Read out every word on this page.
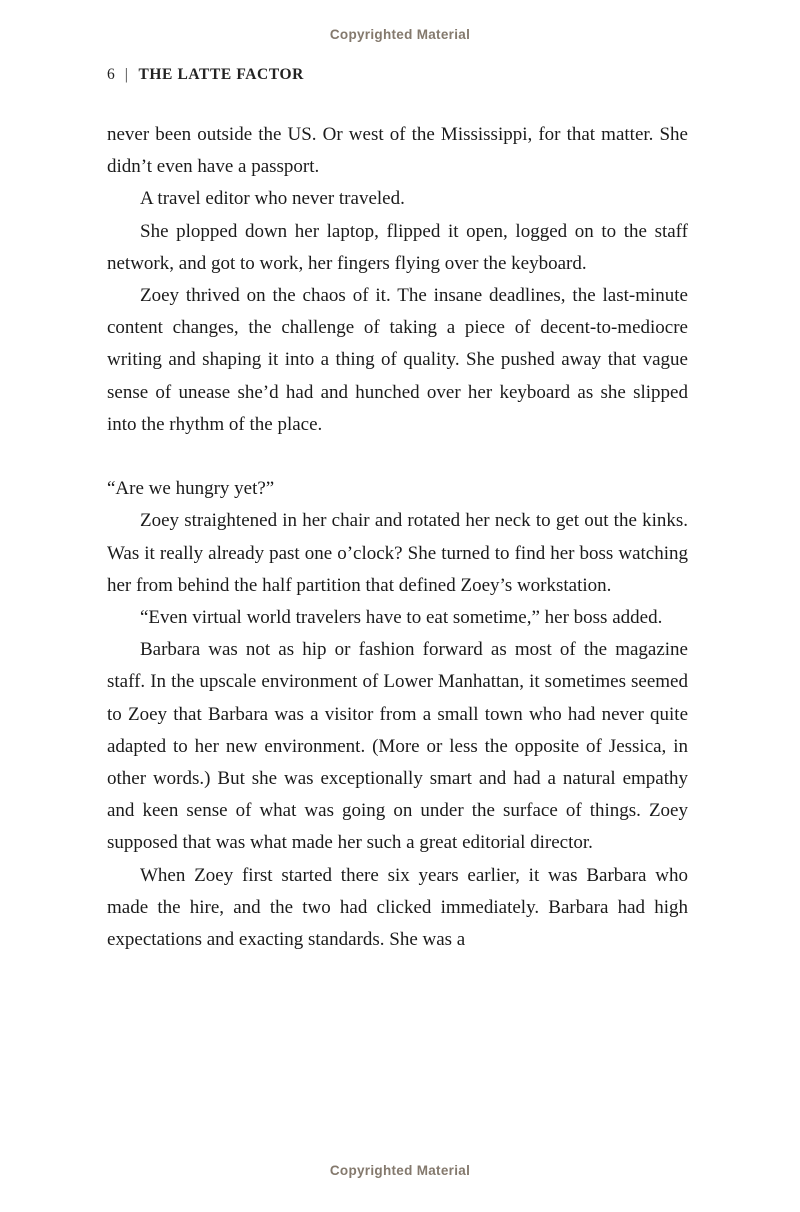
Copyrighted Material
6 | THE LATTE FACTOR

never been outside the US. Or west of the Mississippi, for that matter. She didn’t even have a passport.

A travel editor who never traveled.

She plopped down her laptop, flipped it open, logged on to the staff network, and got to work, her fingers flying over the keyboard.

Zoey thrived on the chaos of it. The insane deadlines, the last-minute content changes, the challenge of taking a piece of decent-to-mediocre writing and shaping it into a thing of quality. She pushed away that vague sense of unease she’d had and hunched over her keyboard as she slipped into the rhythm of the place.

“Are we hungry yet?”

Zoey straightened in her chair and rotated her neck to get out the kinks. Was it really already past one o’clock? She turned to find her boss watching her from behind the half partition that defined Zoey’s workstation.

“Even virtual world travelers have to eat sometime,” her boss added.

Barbara was not as hip or fashion forward as most of the magazine staff. In the upscale environment of Lower Manhattan, it sometimes seemed to Zoey that Barbara was a visitor from a small town who had never quite adapted to her new environment. (More or less the opposite of Jessica, in other words.) But she was exceptionally smart and had a natural empathy and keen sense of what was going on under the surface of things. Zoey supposed that was what made her such a great editorial director.

When Zoey first started there six years earlier, it was Barbara who made the hire, and the two had clicked immediately. Barbara had high expectations and exacting standards. She was a

Copyrighted Material
